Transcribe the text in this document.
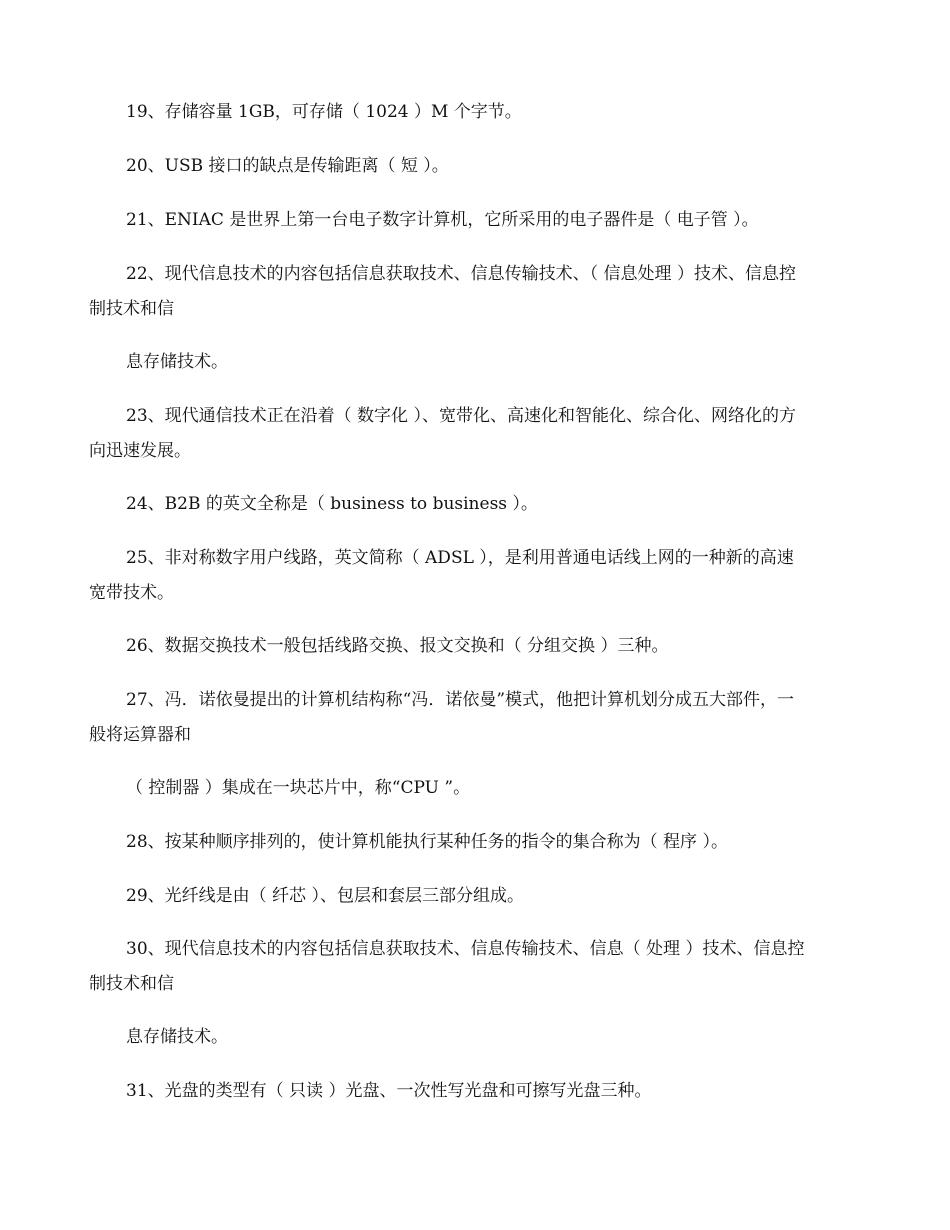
19、存储容量 1GB，可存储（ 1024 ）M 个字节。
20、USB 接口的缺点是传输距离（ 短 ）。
21、ENIAC 是世界上第一台电子数字计算机，它所采用的电子器件是（ 电子管 ）。
22、现代信息技术的内容包括信息获取技术、信息传输技术、（ 信息处理 ）技术、信息控
制技术和信
息存储技术。
23、现代通信技术正在沿着（ 数字化 ）、宽带化、高速化和智能化、综合化、网络化的方
向迅速发展。
24、B2B 的英文全称是（ business to business ）。
25、非对称数字用户线路，英文简称（ ADSL ），是利用普通电话线上网的一种新的高速
宽带技术。
26、数据交换技术一般包括线路交换、报文交换和（ 分组交换 ）三种。
27、冯．诺依曼提出的计算机结构称“冯．诺依曼”模式，他把计算机划分成五大部件，一
般将运算器和
（ 控制器 ）集成在一块芯片中，称“CPU ”。
28、按某种顺序排列的，使计算机能执行某种任务的指令的集合称为（ 程序 ）。
29、光纤线是由（ 纤芯 ）、包层和套层三部分组成。
30、现代信息技术的内容包括信息获取技术、信息传输技术、信息（ 处理 ）技术、信息控
制技术和信
息存储技术。
31、光盘的类型有（ 只读 ）光盘、一次性写光盘和可擦写光盘三种。
